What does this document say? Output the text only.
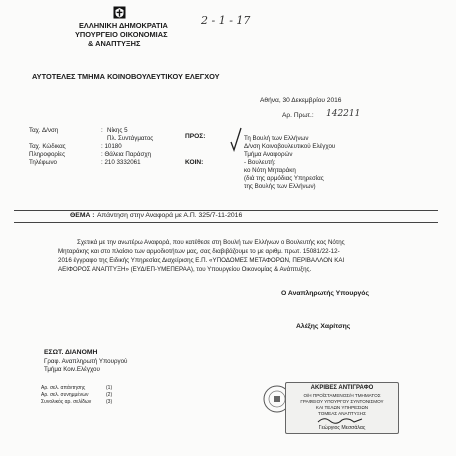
ΕΛΛΗΝΙΚΗ ΔΗΜΟΚΡΑΤΙΑ
ΥΠΟΥΡΓΕΙΟ ΟΙΚΟΝΟΜΙΑΣ
& ΑΝΑΠΤΥΞΗΣ
2 - 1 - 17
ΑΥΤΟΤΕΛΕΣ ΤΜΗΜΑ ΚΟΙΝΟΒΟΥΛΕΥΤΙΚΟΥ ΕΛΕΓΧΟΥ
Αθήνα, 30 Δεκεμβρίου 2016
Αρ. Πρωτ.: 142211
Ταχ. Δ/νση	: Νίκης 5
Πλ. Συντάγματος
Ταχ. Κώδικας	: 10180
Πληροφορίες	: Θάλεια Παράσχη
Τηλέφωνο	: 210 3332061
ΠΡΟΣ:	Τη Βουλή των Ελλήνων
Δ/νση Κοινοβουλευτικού Ελέγχου
Τμήμα Αναφορών
ΚΟΙΝ:	- Βουλευτή:
κο Νότη Μηταράκη
(διά της αρμόδιας Υπηρεσίας
της Βουλής των Ελλήνων)
ΘΕΜΑ : Απάντηση στην Αναφορά με Α.Π. 325/7-11-2016
Σχετικά με την ανωτέρω Αναφορά, που κατέθεσε στη Βουλή των Ελλήνων ο Βουλευτής κος Νότης
Μηταράκης και στο πλαίσιο των αρμοδιοτήτων μας, σας διαβιβάζουμε το με αριθμ. πρωτ. 15081/22-12-
2016 έγγραφο της Ειδικής Υπηρεσίας Διαχείρισης Ε.Π. «ΥΠΟΔΟΜΕΣ ΜΕΤΑΦΟΡΩΝ, ΠΕΡΙΒΑΛΛΟΝ ΚΑΙ
ΑΕΙΦΟΡΟΣ ΑΝΑΠΤΥΞΗ» (ΕΥΔ/ΕΠ-ΥΜΕΠΕΡΑΑ), του Υπουργείου Οικονομίας & Ανάπτυξης.
Ο Αναπληρωτής Υπουργός
Αλέξης Χαρίτσης
ΕΣΩΤ. ΔΙΑΝΟΜΗ
Γραφ. Αναπληρωτή Υπουργού
Τμήμα Κοιν.Ελέγχου
Αρ. σελ. απάντησης	(1)
Αρ. σελ. συνημμένων	(2)
Συνολικός αρ. σελίδων	(3)
ΑΚΡΙΒΕΣ ΑΝΤΙΓΡΑΦΟ
Ο/Η ΠΡΟΪΣΤΑΜΕΝΟΣ/Η ΤΜΗΜΑΤΟΣ
ΓΡΑΦΕΙΟΥ ΥΠΟΥΡΓΟΥ ΣΥΝΤΟΝΙΣΜΟΥ
ΚΑΙ ΤΕΛΩΝ ΥΠΗΡΕΣΙΩΝ
ΤΟΜΕΑΣ ΑΝΑΠΤΥΞΗΣ
Γεώργιος Μεσσάλας
